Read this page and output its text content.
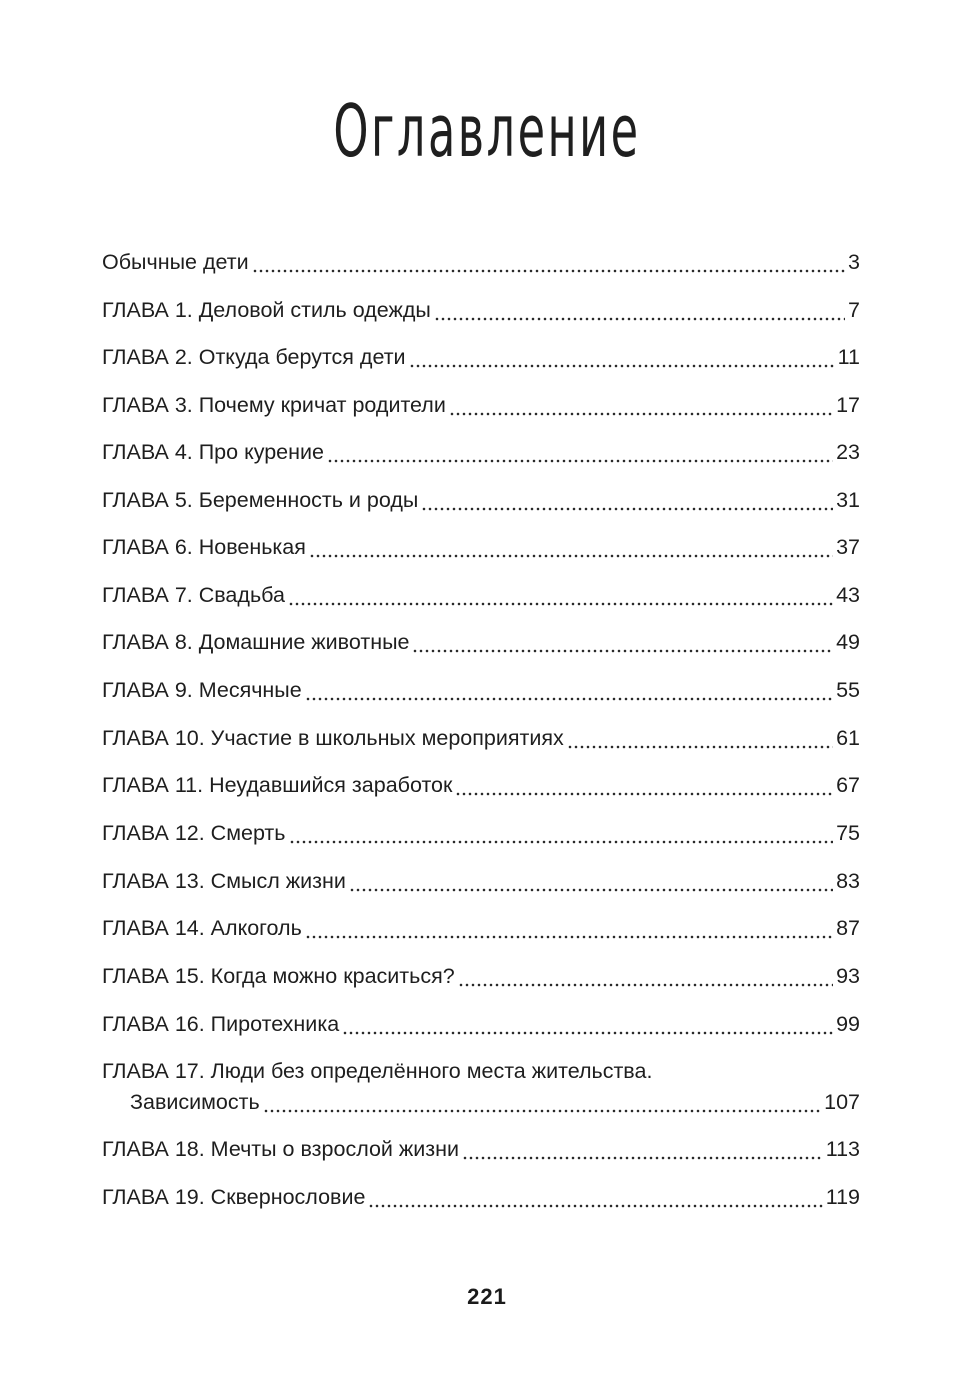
Оглавление
Обычные дети	3
ГЛАВА 1. Деловой стиль одежды	7
ГЛАВА 2. Откуда берутся дети	11
ГЛАВА 3. Почему кричат родители	17
ГЛАВА 4. Про курение	23
ГЛАВА 5. Беременность и роды	31
ГЛАВА 6. Новенькая	37
ГЛАВА 7. Свадьба	43
ГЛАВА 8. Домашние животные	49
ГЛАВА 9. Месячные	55
ГЛАВА 10. Участие в школьных мероприятиях	61
ГЛАВА 11. Неудавшийся заработок	67
ГЛАВА 12. Смерть	75
ГЛАВА 13. Смысл жизни	83
ГЛАВА 14. Алкоголь	87
ГЛАВА 15. Когда можно краситься?	93
ГЛАВА 16. Пиротехника	99
ГЛАВА 17. Люди без определённого места жительства.
Зависимость	107
ГЛАВА 18. Мечты о взрослой жизни	113
ГЛАВА 19. Сквернословие	119
221
